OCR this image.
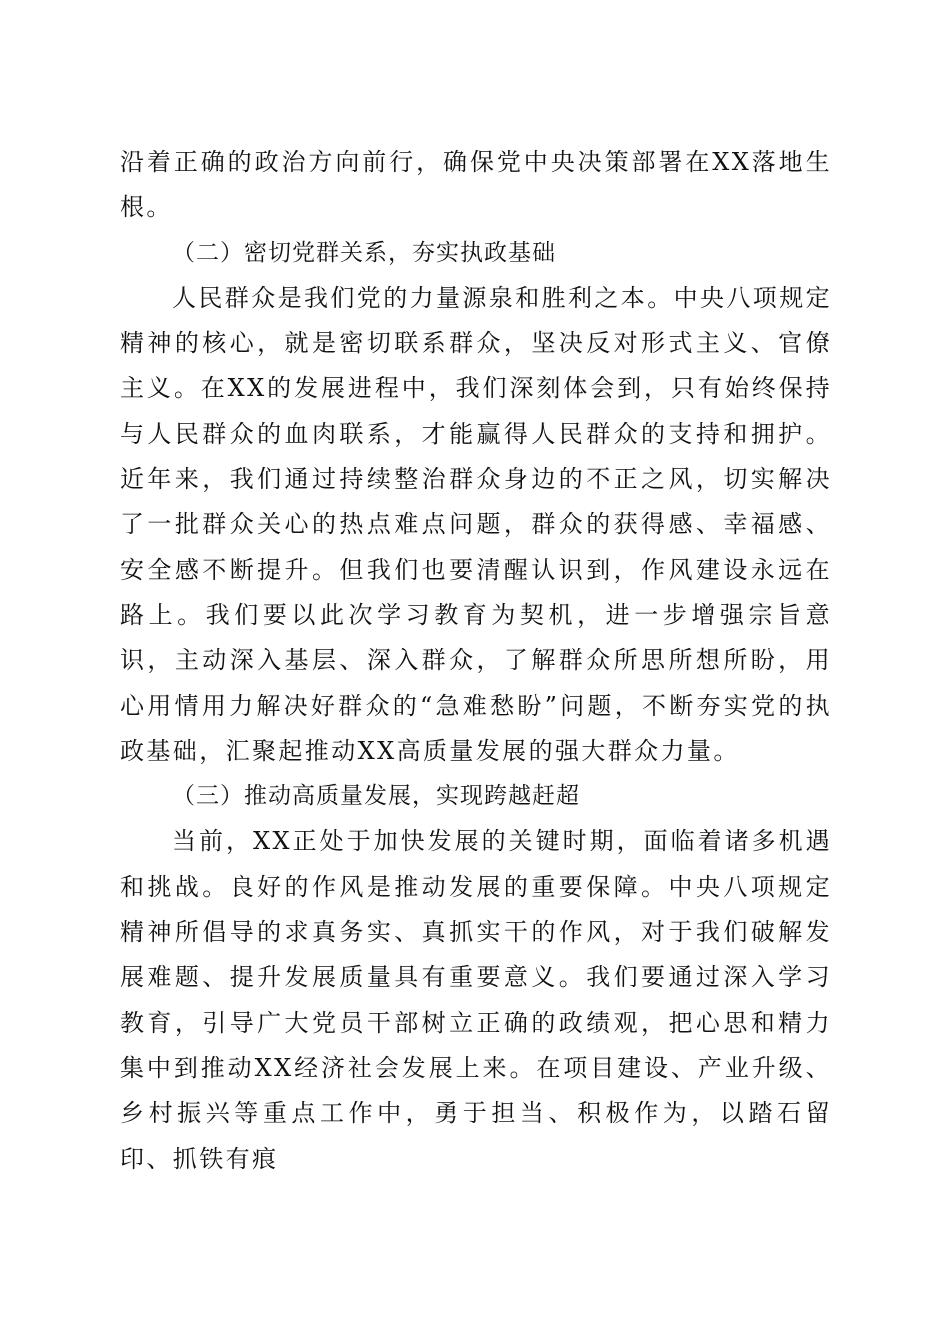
沿着正确的政治方向前行，确保党中央决策部署在XX落地生根。

（二）密切党群关系，夯实执政基础

人民群众是我们党的力量源泉和胜利之本。中央八项规定精神的核心，就是密切联系群众，坚决反对形式主义、官僚主义。在XX的发展进程中，我们深刻体会到，只有始终保持与人民群众的血肉联系，才能赢得人民群众的支持和拥护。近年来，我们通过持续整治群众身边的不正之风，切实解决了一批群众关心的热点难点问题，群众的获得感、幸福感、安全感不断提升。但我们也要清醒认识到，作风建设永远在路上。我们要以此次学习教育为契机，进一步增强宗旨意识，主动深入基层、深入群众，了解群众所思所想所盼，用心用情用力解决好群众的“急难愁盼”问题，不断夯实党的执政基础，汇聚起推动XX高质量发展的强大群众力量。

（三）推动高质量发展，实现跨越赶超

当前，XX正处于加快发展的关键时期，面临着诸多机遇和挑战。良好的作风是推动发展的重要保障。中央八项规定精神所倡导的求真务实、真抓实干的作风，对于我们破解发展难题、提升发展质量具有重要意义。我们要通过深入学习教育，引导广大党员干部树立正确的政绩观，把心思和精力集中到推动XX经济社会发展上来。在项目建设、产业升级、乡村振兴等重点工作中，勇于担当、积极作为，以踏石留印、抓铁有痕
